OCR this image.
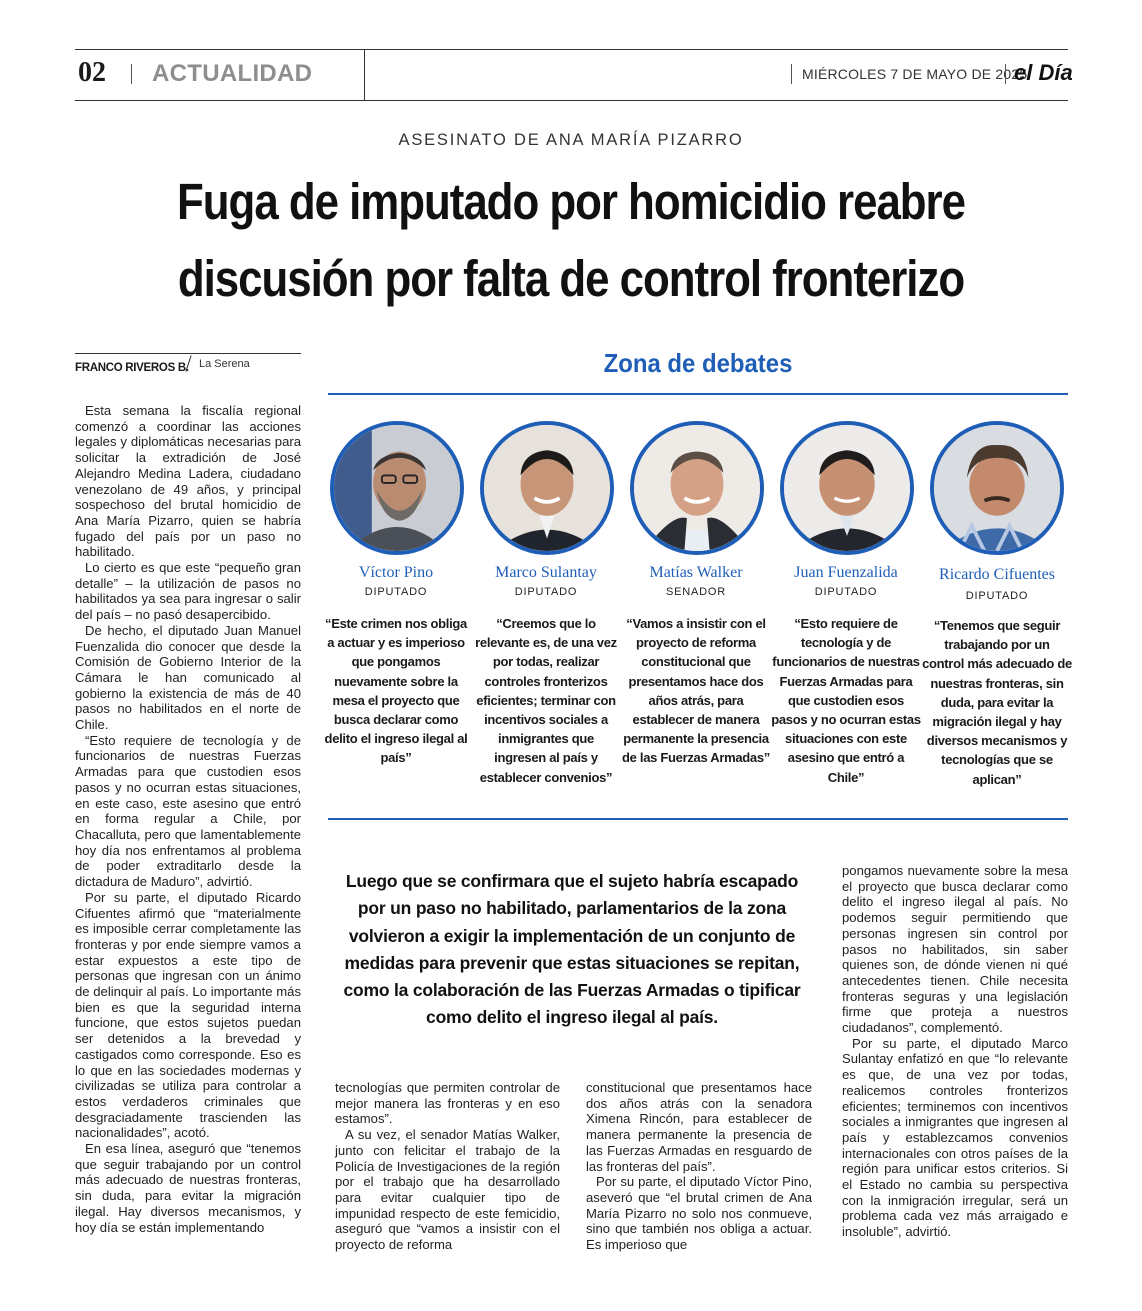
02 ACTUALIDAD	MIÉRCOLES 7 DE MAYO DE 2025
el Día
ASESINATO DE ANA MARÍA PIZARRO
Fuga de imputado por homicidio reabre
discusión por falta de control fronterizo
FRANCO RIVEROS B. La Serena

Esta semana la fiscalía regional comenzó a coordinar las acciones legales y diplomáticas necesarias para solicitar la extradición de José Alejandro Medina Ladera, ciudadano venezolano de 49 años, y principal sospechoso del brutal homicidio de Ana María Pizarro, quien se habría fugado del país por un paso no habilitado.

Lo cierto es que este “pequeño gran detalle” – la utilización de pasos no habilitados ya sea para ingresar o salir del país – no pasó desapercibido.

De hecho, el diputado Juan Manuel Fuenzalida dio conocer que desde la Comisión de Gobierno Interior de la Cámara le han comunicado al gobierno la existencia de más de 40 pasos no habilitados en el norte de Chile.

“Esto requiere de tecnología y de funcionarios de nuestras Fuerzas Armadas para que custodien esos pasos y no ocurran estas situaciones, en este caso, este asesino que entró en forma regular a Chile, por Chacalluta, pero que lamentablemente hoy día nos enfrentamos al problema de poder extraditarlo desde la dictadura de Maduro”, advirtió.

Por su parte, el diputado Ricardo Cifuentes afirmó que “materialmente es imposible cerrar completamente las fronteras y por ende siempre vamos a estar expuestos a este tipo de personas que ingresan con un ánimo de delinquir al país. Lo importante más bien es que la seguridad interna funcione, que estos sujetos puedan ser detenidos a la brevedad y castigados como corresponde. Eso es lo que en las sociedades modernas y civilizadas se utiliza para controlar a estos verdaderos criminales que desgraciadamente trascienden las nacionalidades”, acotó.

En esa línea, aseguró que “tenemos que seguir trabajando por un control más adecuado de nuestras fronteras, sin duda, para evitar la migración ilegal. Hay diversos mecanismos, y hoy día se están implementando

Zona de debates
Víctor Pino
DIPUTADO
“Este crimen nos obliga a actuar y es imperioso que pongamos nuevamente sobre la mesa el proyecto que busca declarar como delito el ingreso ilegal al país”
Marco Sulantay
DIPUTADO
“Creemos que lo relevante es, de una vez por todas, realizar controles fronterizos eficientes; terminar con incentivos sociales a inmigrantes que ingresen al país y establecer convenios”
Matías Walker
SENADOR
“Vamos a insistir con el proyecto de reforma constitucional que presentamos hace dos años atrás, para establecer de manera permanente la presencia de las Fuerzas Armadas”
Juan Fuenzalida
DIPUTADO
“Esto requiere de tecnología y de funcionarios de nuestras Fuerzas Armadas para que custodien esos pasos y no ocurran estas situaciones con este asesino que entró a Chile”
Ricardo Cifuentes
DIPUTADO
“Tenemos que seguir trabajando por un control más adecuado de nuestras fronteras, sin duda, para evitar la migración ilegal y hay diversos mecanismos y tecnologías que se aplican”
Luego que se confirmara que el sujeto habría escapado por un paso no habilitado, parlamentarios de la zona volvieron a exigir la implementación de un conjunto de medidas para prevenir que estas situaciones se repitan, como la colaboración de las Fuerzas Armadas o tipificar como delito el ingreso ilegal al país.

tecnologías que permiten controlar de mejor manera las fronteras y en eso estamos”.

A su vez, el senador Matías Walker, junto con felicitar el trabajo de la Policía de Investigaciones de la región por el trabajo que ha desarrollado para evitar cualquier tipo de impunidad respecto de este femicidio, aseguró que “vamos a insistir con el proyecto de reforma

constitucional que presentamos hace dos años atrás con la senadora Ximena Rincón, para establecer de manera permanente la presencia de las Fuerzas Armadas en resguardo de las fronteras del país”.

Por su parte, el diputado Víctor Pino, aseveró que “el brutal crimen de Ana María Pizarro no solo nos conmueve, sino que también nos obliga a actuar. Es imperioso que

pongamos nuevamente sobre la mesa el proyecto que busca declarar como delito el ingreso ilegal al país. No podemos seguir permitiendo que personas ingresen sin control por pasos no habilitados, sin saber quienes son, de dónde vienen ni qué antecedentes tienen. Chile necesita fronteras seguras y una legislación firme que proteja a nuestros ciudadanos”, complementó.

Por su parte, el diputado Marco Sulantay enfatizó en que “lo relevante es que, de una vez por todas, realicemos controles fronterizos eficientes; terminemos con incentivos sociales a inmigrantes que ingresen al país y establezcamos convenios internacionales con otros países de la región para unificar estos criterios. Si el Estado no cambia su perspectiva con la inmigración irregular, será un problema cada vez más arraigado e insoluble”, advirtió.
